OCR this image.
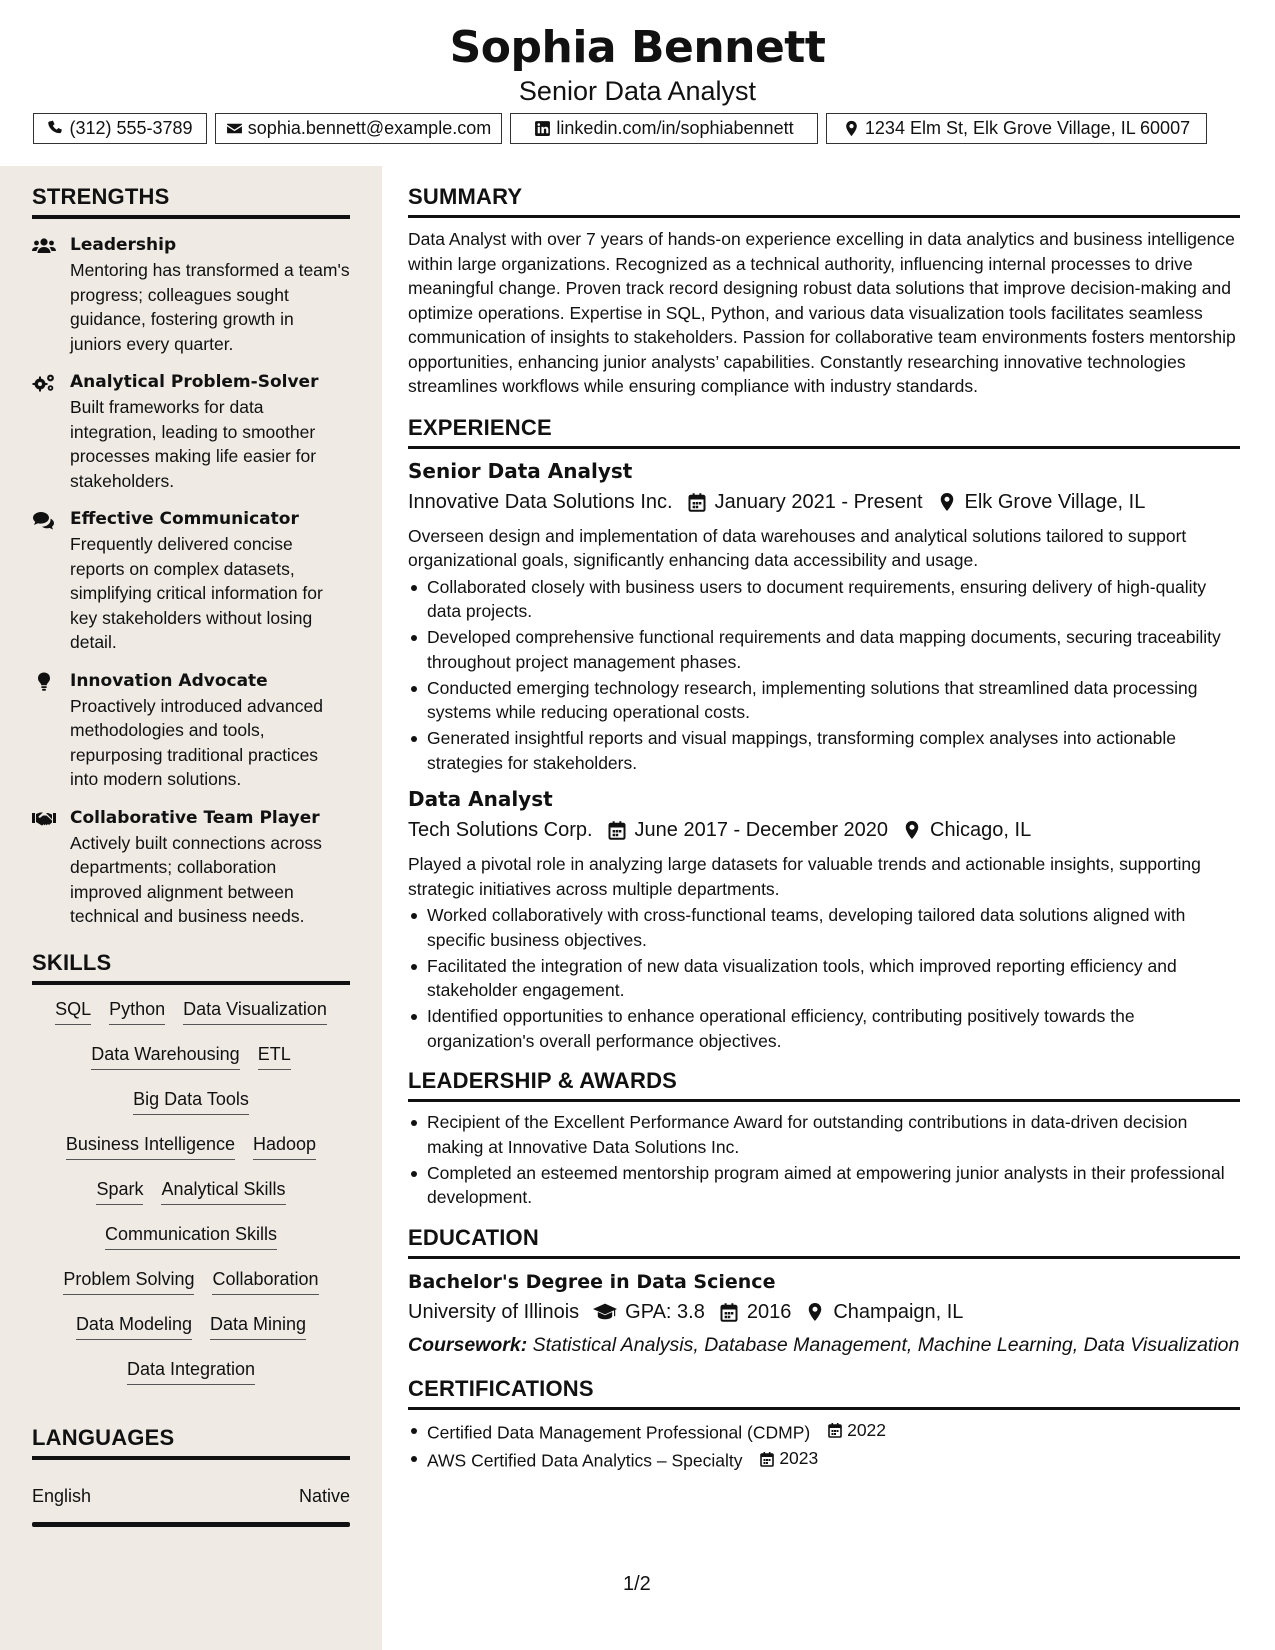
Sophia Bennett
Senior Data Analyst
(312) 555-3789	sophia.bennett@example.com	linkedin.com/in/sophiabennett	1234 Elm St, Elk Grove Village, IL 60007
STRENGTHS
Leadership
Mentoring has transformed a team's progress; colleagues sought guidance, fostering growth in juniors every quarter.
Analytical Problem-Solver
Built frameworks for data integration, leading to smoother processes making life easier for stakeholders.
Effective Communicator
Frequently delivered concise reports on complex datasets, simplifying critical information for key stakeholders without losing detail.
Innovation Advocate
Proactively introduced advanced methodologies and tools, repurposing traditional practices into modern solutions.
Collaborative Team Player
Actively built connections across departments; collaboration improved alignment between technical and business needs.
SKILLS
SQL Python Data Visualization
Data Warehousing ETL
Big Data Tools
Business Intelligence Hadoop
Spark Analytical Skills
Communication Skills
Problem Solving Collaboration
Data Modeling Data Mining
Data Integration
LANGUAGES
English	Native
SUMMARY
Data Analyst with over 7 years of hands-on experience excelling in data analytics and business intelligence within large organizations. Recognized as a technical authority, influencing internal processes to drive meaningful change. Proven track record designing robust data solutions that improve decision-making and optimize operations. Expertise in SQL, Python, and various data visualization tools facilitates seamless communication of insights to stakeholders. Passion for collaborative team environments fosters mentorship opportunities, enhancing junior analysts’ capabilities. Constantly researching innovative technologies streamlines workflows while ensuring compliance with industry standards.
EXPERIENCE
Senior Data Analyst
Innovative Data Solutions Inc. January 2021 - Present Elk Grove Village, IL
Overseen design and implementation of data warehouses and analytical solutions tailored to support organizational goals, significantly enhancing data accessibility and usage.
Collaborated closely with business users to document requirements, ensuring delivery of high-quality data projects.
Developed comprehensive functional requirements and data mapping documents, securing traceability throughout project management phases.
Conducted emerging technology research, implementing solutions that streamlined data processing systems while reducing operational costs.
Generated insightful reports and visual mappings, transforming complex analyses into actionable strategies for stakeholders.
Data Analyst
Tech Solutions Corp. June 2017 - December 2020 Chicago, IL
Played a pivotal role in analyzing large datasets for valuable trends and actionable insights, supporting strategic initiatives across multiple departments.
Worked collaboratively with cross-functional teams, developing tailored data solutions aligned with specific business objectives.
Facilitated the integration of new data visualization tools, which improved reporting efficiency and stakeholder engagement.
Identified opportunities to enhance operational efficiency, contributing positively towards the organization's overall performance objectives.
LEADERSHIP & AWARDS
Recipient of the Excellent Performance Award for outstanding contributions in data-driven decision making at Innovative Data Solutions Inc.
Completed an esteemed mentorship program aimed at empowering junior analysts in their professional development.
EDUCATION
Bachelor's Degree in Data Science
University of Illinois GPA: 3.8 2016 Champaign, IL
Coursework: Statistical Analysis, Database Management, Machine Learning, Data Visualization
CERTIFICATIONS
Certified Data Management Professional (CDMP) 2022
AWS Certified Data Analytics – Specialty 2023
1/2
